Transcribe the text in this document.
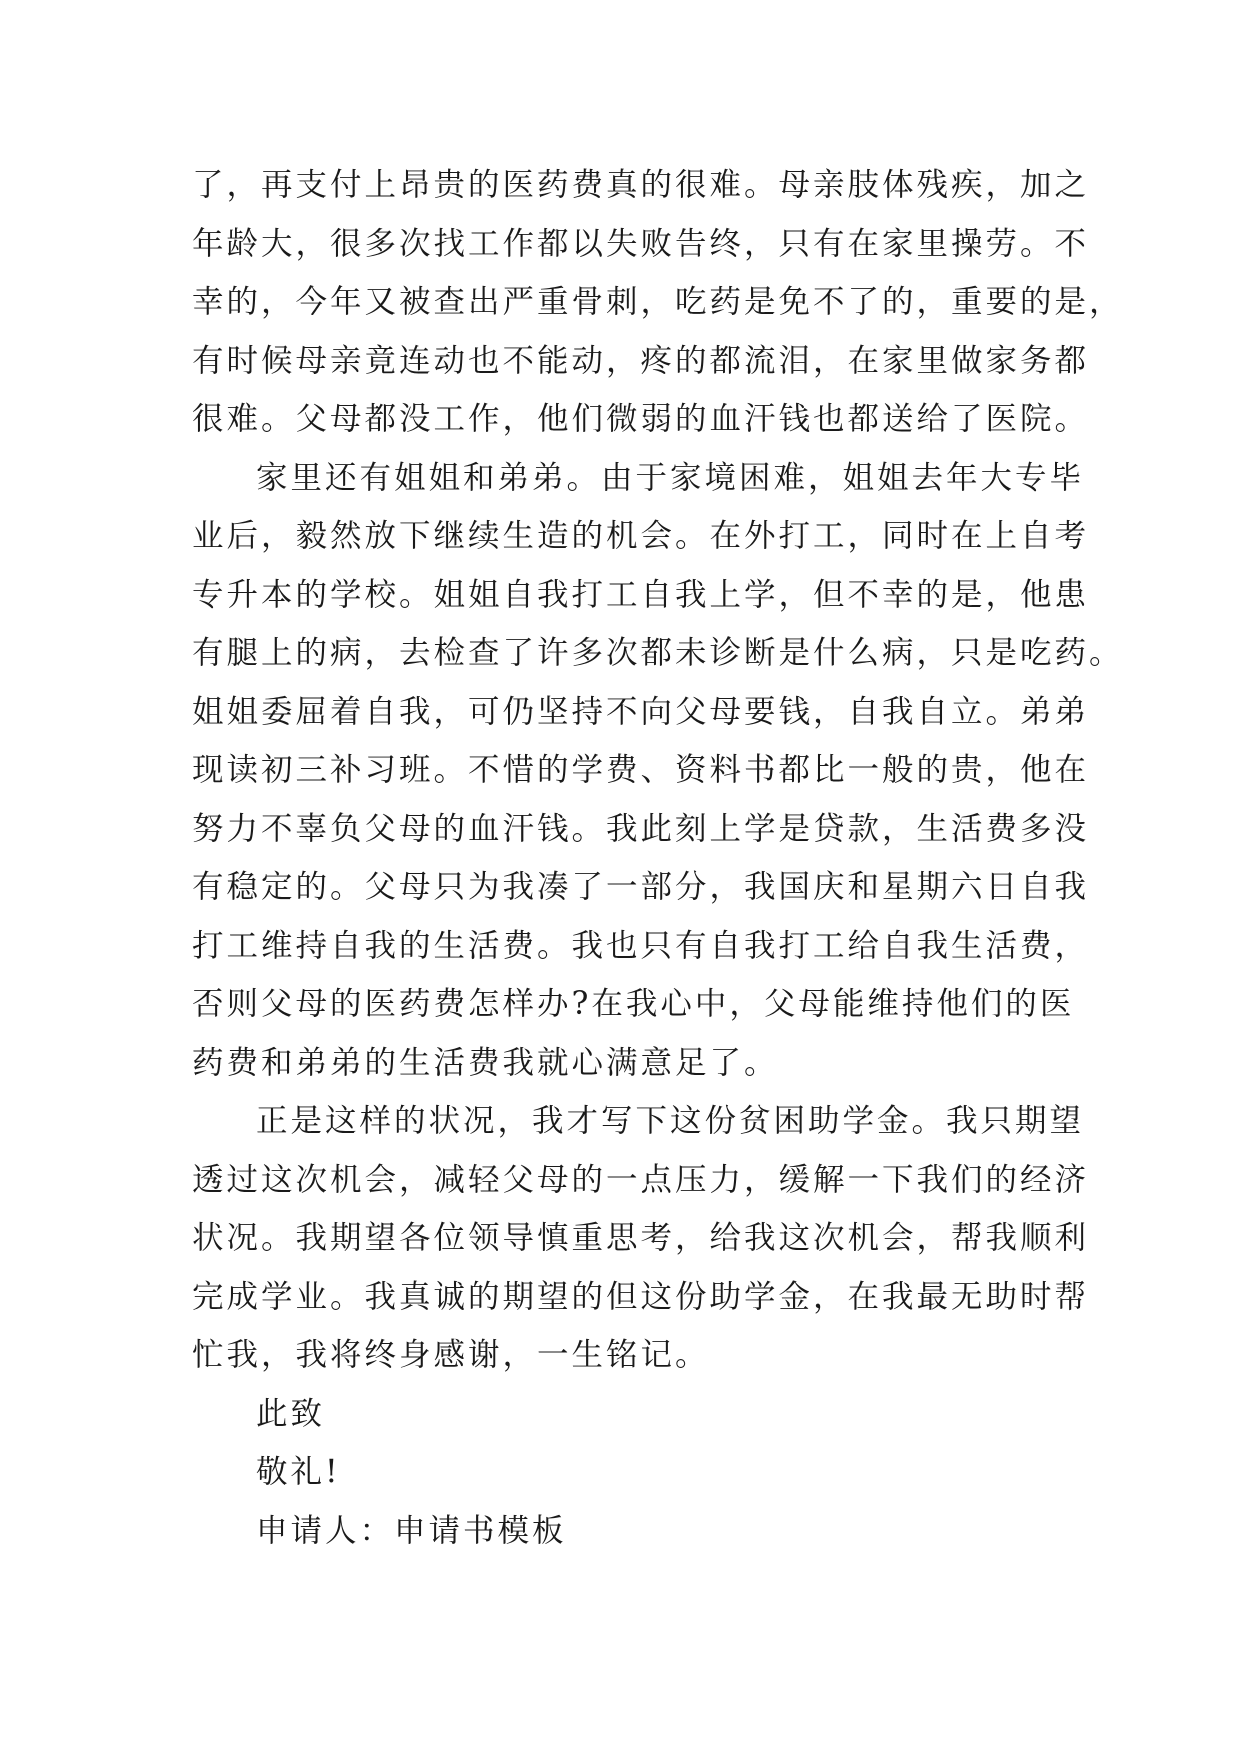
了，再支付上昂贵的医药费真的很难。母亲肢体残疾，加之
年龄大，很多次找工作都以失败告终，只有在家里操劳。不
幸的，今年又被查出严重骨刺，吃药是免不了的，重要的是，
有时候母亲竟连动也不能动，疼的都流泪，在家里做家务都
很难。父母都没工作，他们微弱的血汗钱也都送给了医院。
家里还有姐姐和弟弟。由于家境困难，姐姐去年大专毕
业后，毅然放下继续生造的机会。在外打工，同时在上自考
专升本的学校。姐姐自我打工自我上学，但不幸的是，他患
有腿上的病，去检查了许多次都未诊断是什么病，只是吃药。
姐姐委屈着自我，可仍坚持不向父母要钱，自我自立。弟弟
现读初三补习班。不惜的学费、资料书都比一般的贵，他在
努力不辜负父母的血汗钱。我此刻上学是贷款，生活费多没
有稳定的。父母只为我凑了一部分，我国庆和星期六日自我
打工维持自我的生活费。我也只有自我打工给自我生活费，
否则父母的医药费怎样办?在我心中，父母能维持他们的医
药费和弟弟的生活费我就心满意足了。
正是这样的状况，我才写下这份贫困助学金。我只期望
透过这次机会，减轻父母的一点压力，缓解一下我们的经济
状况。我期望各位领导慎重思考，给我这次机会，帮我顺利
完成学业。我真诚的期望的但这份助学金，在我最无助时帮
忙我，我将终身感谢，一生铭记。
此致
敬礼!
申请人：申请书模板
